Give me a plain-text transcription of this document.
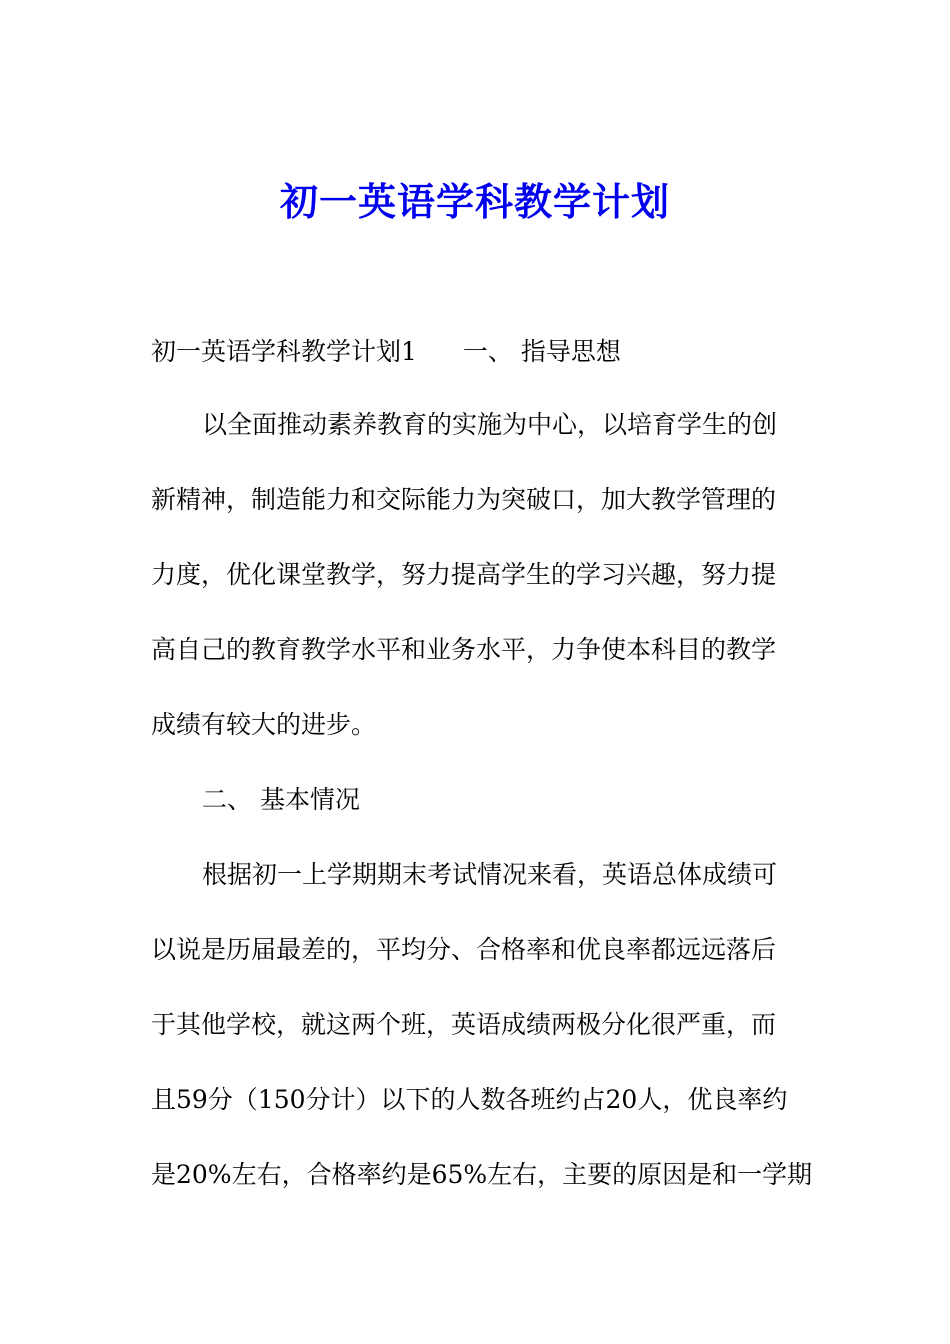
初一英语学科教学计划
初一英语学科教学计划1 一、 指导思想
以全面推动素养教育的实施为中心，以培育学生的创
新精神，制造能力和交际能力为突破口，加大教学管理的
力度，优化课堂教学，努力提高学生的学习兴趣，努力提
高自己的教育教学水平和业务水平，力争使本科目的教学
成绩有较大的进步。
二、 基本情况
根据初一上学期期末考试情况来看，英语总体成绩可
以说是历届最差的，平均分、合格率和优良率都远远落后
于其他学校，就这两个班，英语成绩两极分化很严重，而
且59分（150分计）以下的人数各班约占20人，优良率约
是20%左右，合格率约是65%左右，主要的原因是和一学期
